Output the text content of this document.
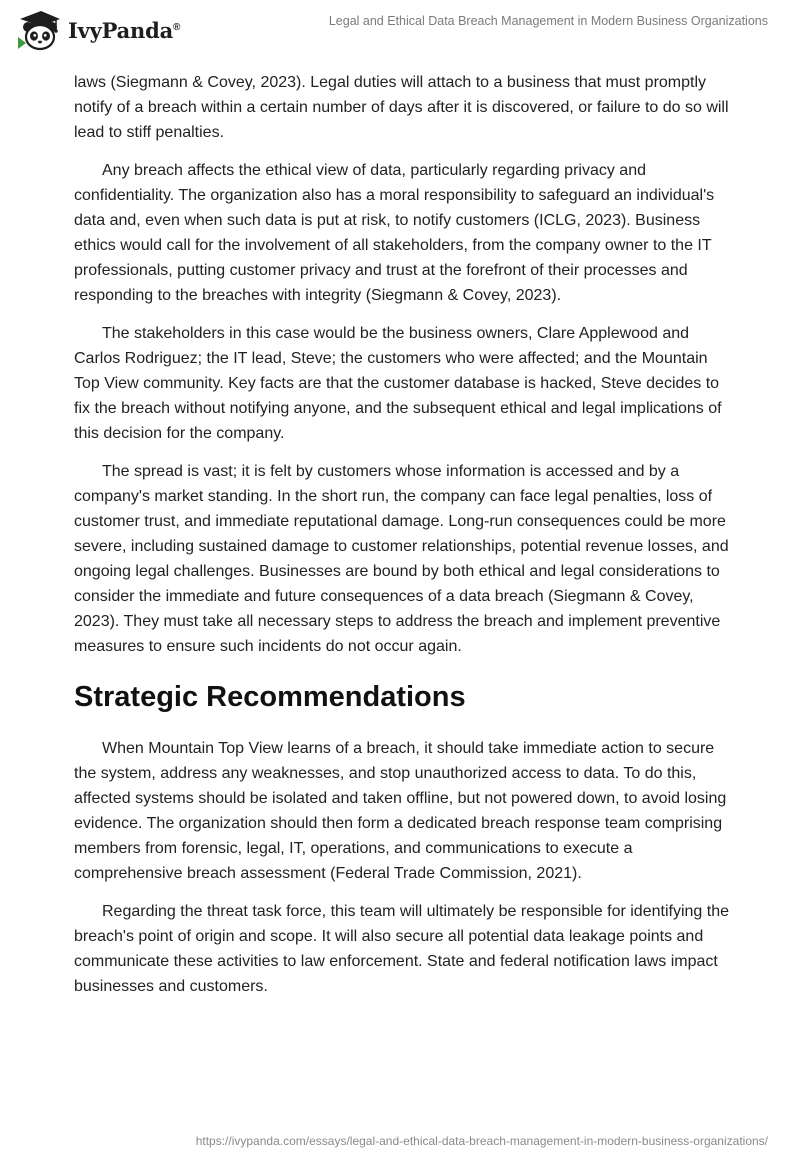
IvyPanda®	Legal and Ethical Data Breach Management in Modern Business Organizations

laws (Siegmann & Covey, 2023). Legal duties will attach to a business that must promptly notify of a breach within a certain number of days after it is discovered, or failure to do so will lead to stiff penalties.

Any breach affects the ethical view of data, particularly regarding privacy and confidentiality. The organization also has a moral responsibility to safeguard an individual's data and, even when such data is put at risk, to notify customers (ICLG, 2023). Business ethics would call for the involvement of all stakeholders, from the company owner to the IT professionals, putting customer privacy and trust at the forefront of their processes and responding to the breaches with integrity (Siegmann & Covey, 2023).

The stakeholders in this case would be the business owners, Clare Applewood and Carlos Rodriguez; the IT lead, Steve; the customers who were affected; and the Mountain Top View community. Key facts are that the customer database is hacked, Steve decides to fix the breach without notifying anyone, and the subsequent ethical and legal implications of this decision for the company.

The spread is vast; it is felt by customers whose information is accessed and by a company's market standing. In the short run, the company can face legal penalties, loss of customer trust, and immediate reputational damage. Long-run consequences could be more severe, including sustained damage to customer relationships, potential revenue losses, and ongoing legal challenges. Businesses are bound by both ethical and legal considerations to consider the immediate and future consequences of a data breach (Siegmann & Covey, 2023). They must take all necessary steps to address the breach and implement preventive measures to ensure such incidents do not occur again.

Strategic Recommendations

When Mountain Top View learns of a breach, it should take immediate action to secure the system, address any weaknesses, and stop unauthorized access to data. To do this, affected systems should be isolated and taken offline, but not powered down, to avoid losing evidence. The organization should then form a dedicated breach response team comprising members from forensic, legal, IT, operations, and communications to execute a comprehensive breach assessment (Federal Trade Commission, 2021).

Regarding the threat task force, this team will ultimately be responsible for identifying the breach's point of origin and scope. It will also secure all potential data leakage points and communicate these activities to law enforcement. State and federal notification laws impact businesses and customers.

https://ivypanda.com/essays/legal-and-ethical-data-breach-management-in-modern-business-organizations/
